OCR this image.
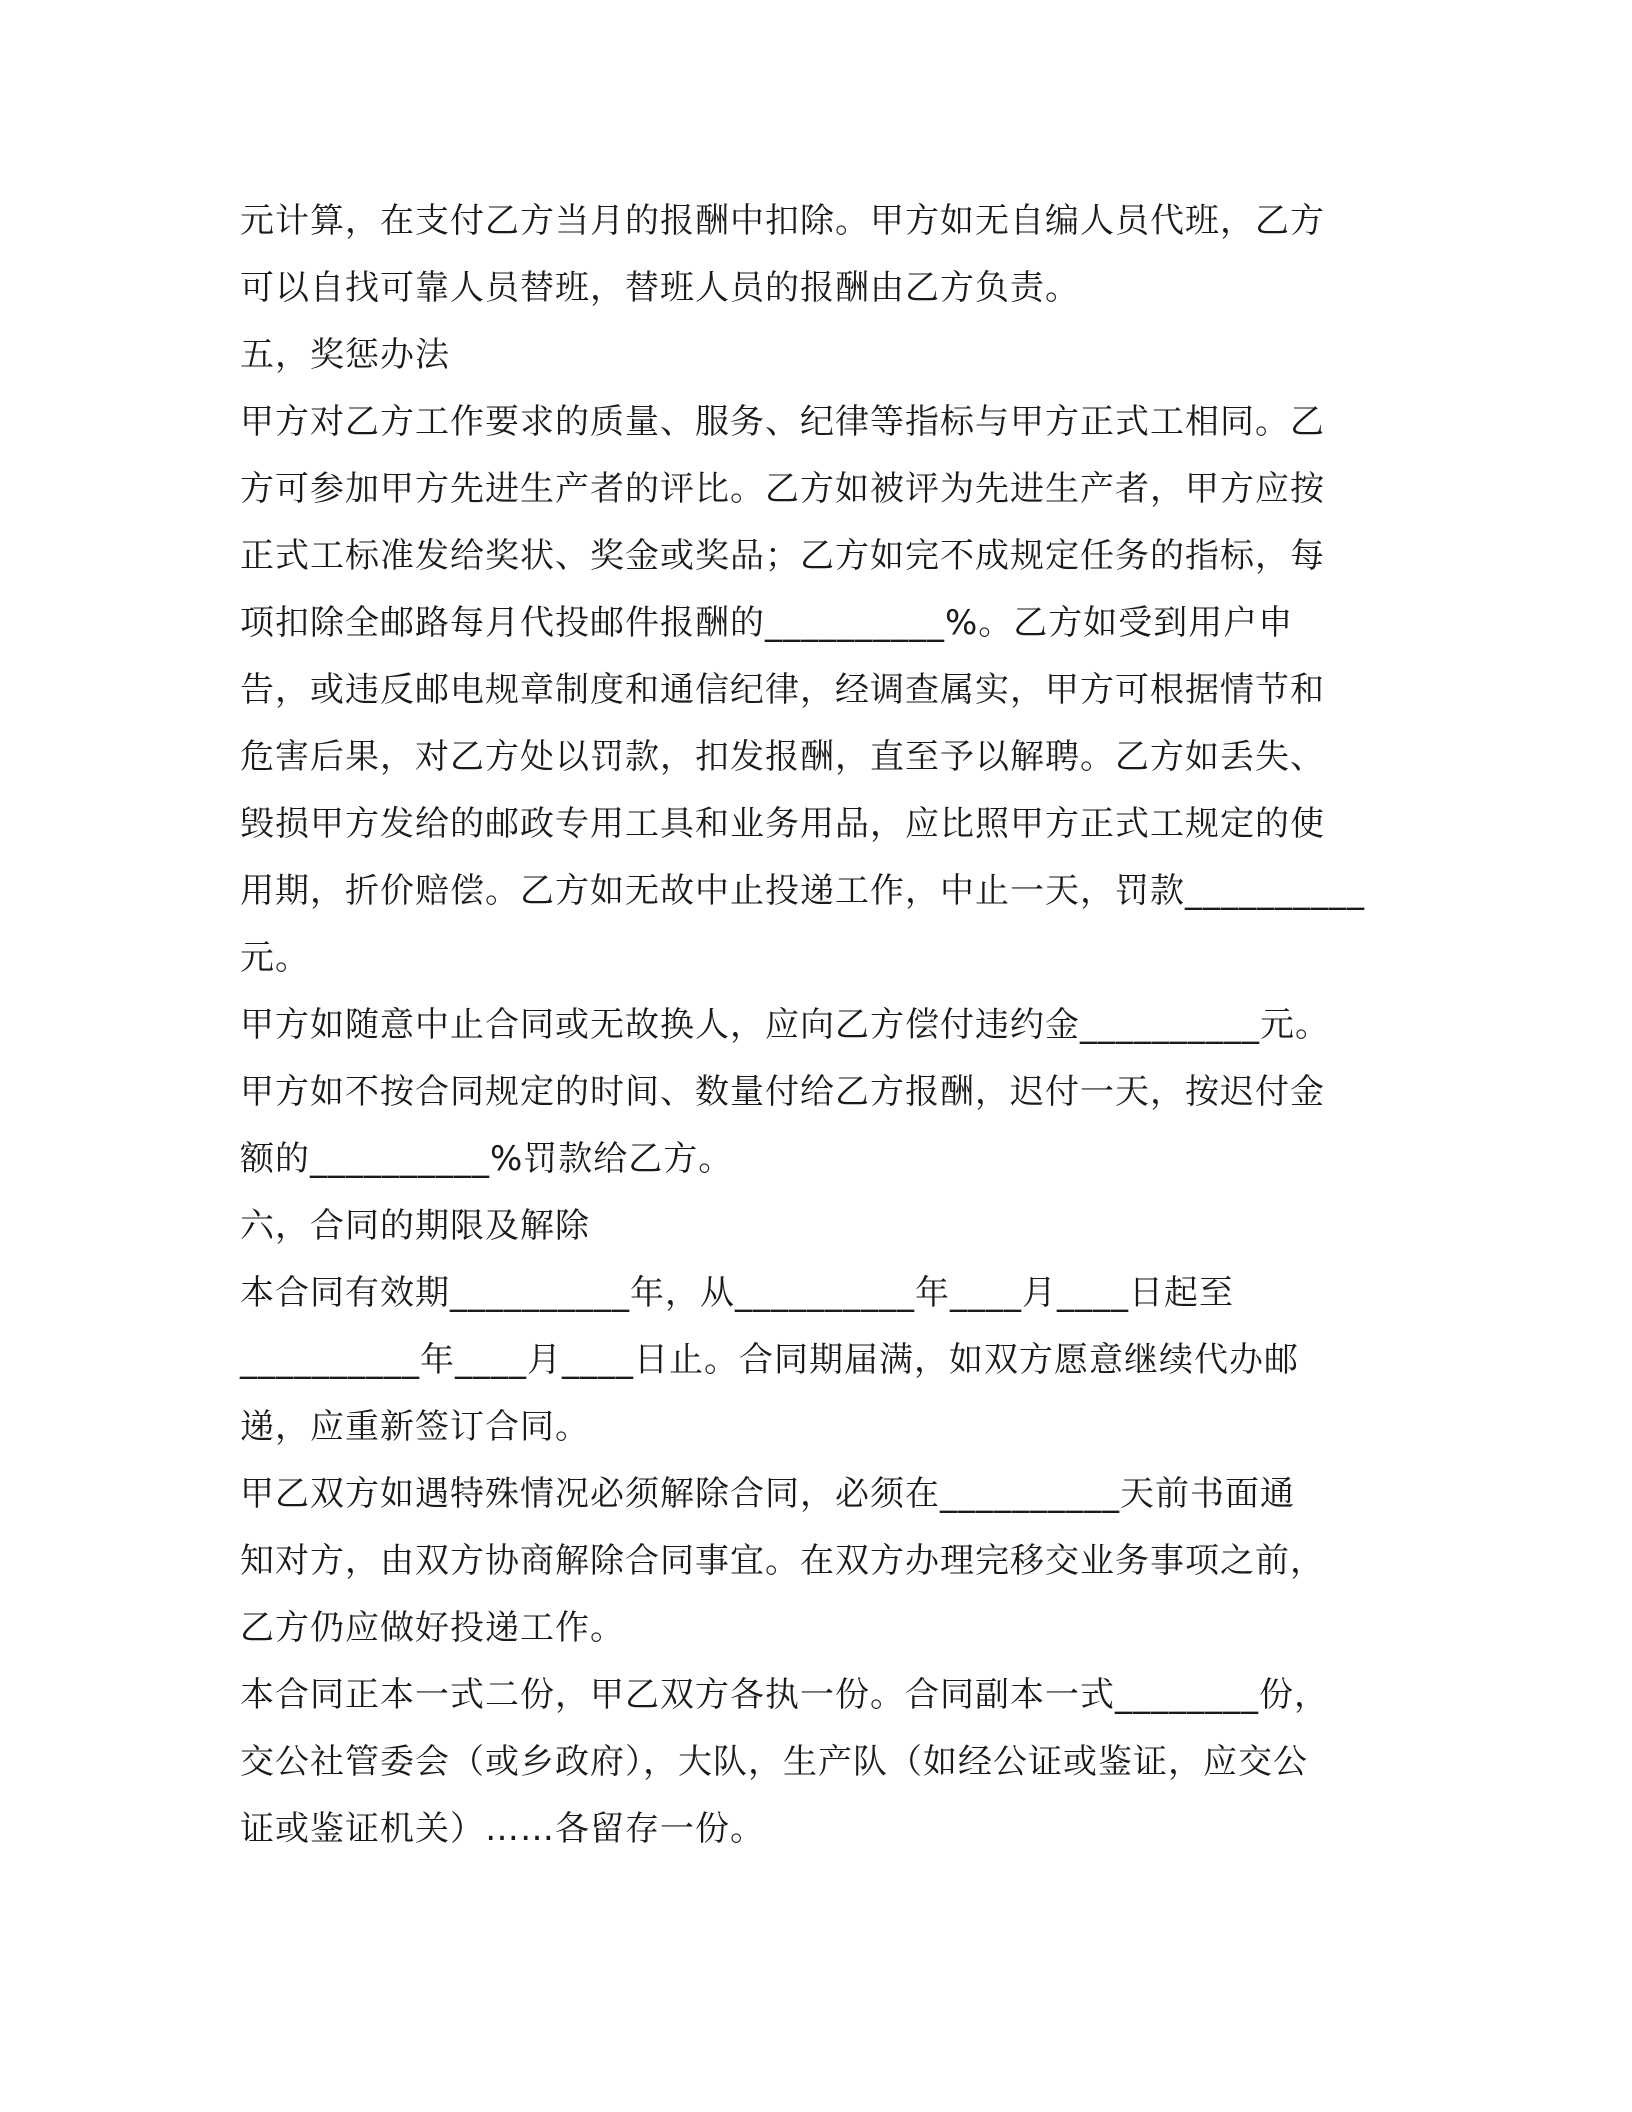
元计算，在支付乙方当月的报酬中扣除。甲方如无自编人员代班，乙方
可以自找可靠人员替班，替班人员的报酬由乙方负责。
五，奖惩办法
甲方对乙方工作要求的质量、服务、纪律等指标与甲方正式工相同。乙
方可参加甲方先进生产者的评比。乙方如被评为先进生产者，甲方应按
正式工标准发给奖状、奖金或奖品；乙方如完不成规定任务的指标，每
项扣除全邮路每月代投邮件报酬的__________%。乙方如受到用户申
告，或违反邮电规章制度和通信纪律，经调查属实，甲方可根据情节和
危害后果，对乙方处以罚款，扣发报酬，直至予以解聘。乙方如丢失、
毁损甲方发给的邮政专用工具和业务用品，应比照甲方正式工规定的使
用期，折价赔偿。乙方如无故中止投递工作，中止一天，罚款__________
元。
甲方如随意中止合同或无故换人，应向乙方偿付违约金__________元。
甲方如不按合同规定的时间、数量付给乙方报酬，迟付一天，按迟付金
额的__________%罚款给乙方。
六，合同的期限及解除
本合同有效期__________年，从__________年____月____日起至
__________年____月____日止。合同期届满，如双方愿意继续代办邮
递，应重新签订合同。
甲乙双方如遇特殊情况必须解除合同，必须在__________天前书面通
知对方，由双方协商解除合同事宜。在双方办理完移交业务事项之前，
乙方仍应做好投递工作。
本合同正本一式二份，甲乙双方各执一份。合同副本一式________份，
交公社管委会（或乡政府），大队，生产队（如经公证或鉴证，应交公
证或鉴证机关）……各留存一份。
